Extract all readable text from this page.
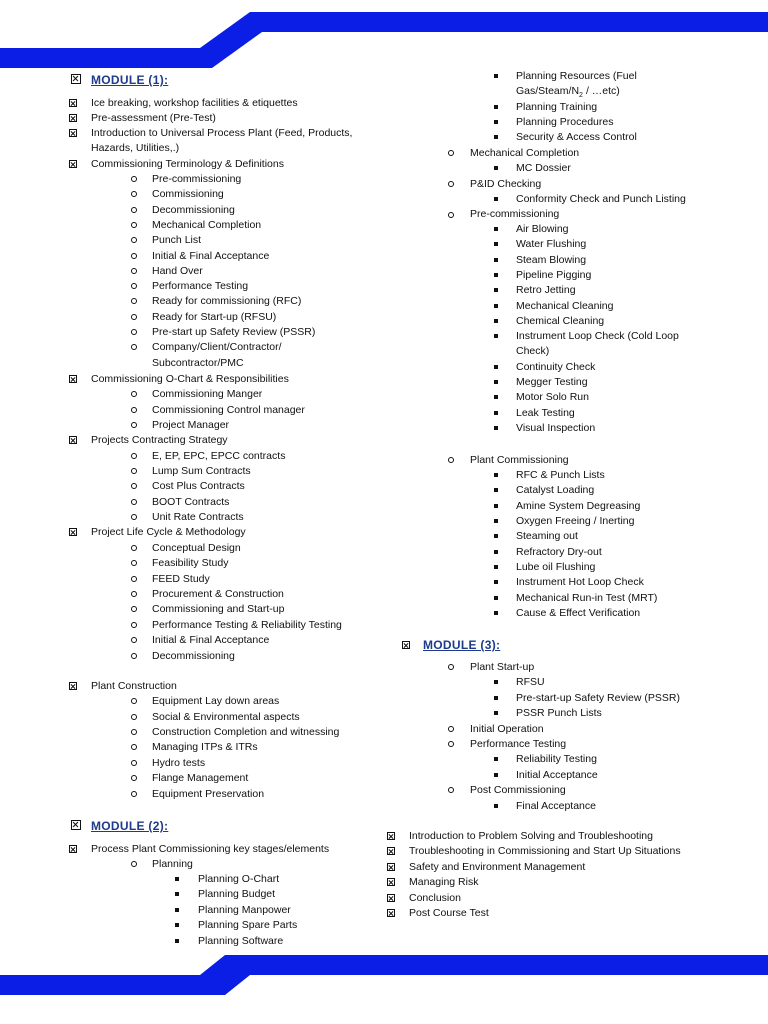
MODULE (1):
Ice breaking, workshop facilities & etiquettes
Pre-assessment (Pre-Test)
Introduction to Universal Process Plant (Feed, Products,
Hazards, Utilities,.)
Commissioning Terminology & Definitions
Pre-commissioning
Commissioning
Decommissioning
Mechanical Completion
Punch List
Initial & Final Acceptance
Hand Over
Performance Testing
Ready for commissioning (RFC)
Ready for Start-up (RFSU)
Pre-start up Safety Review (PSSR)
Company/Client/Contractor/
Subcontractor/PMC
Commissioning O-Chart & Responsibilities
Commissioning Manger
Commissioning Control manager
Project Manager
Projects Contracting Strategy
E, EP, EPC, EPCC contracts
Lump Sum Contracts
Cost Plus Contracts
BOOT Contracts
Unit Rate Contracts
Project Life Cycle & Methodology
Conceptual Design
Feasibility Study
FEED Study
Procurement & Construction
Commissioning and Start-up
Performance Testing & Reliability Testing
Initial & Final Acceptance
Decommissioning
Plant Construction
Equipment Lay down areas
Social & Environmental aspects
Construction Completion and witnessing
Managing ITPs & ITRs
Hydro tests
Flange Management
Equipment Preservation
MODULE (2):
Process Plant Commissioning key stages/elements
Planning
Planning O-Chart
Planning Budget
Planning Manpower
Planning Spare Parts
Planning Software
Planning Resources (Fuel
Gas/$Steam/N_2$ / …etc)
Planning Training
Planning Procedures
Security & Access Control
Mechanical Completion
MC Dossier
P&ID Checking
Conformity Check and Punch Listing
Pre-commissioning
Air Blowing
Water Flushing
Steam Blowing
Pipeline Pigging
Retro Jetting
Mechanical Cleaning
Chemical Cleaning
Instrument Loop Check (Cold Loop
Check)
Continuity Check
Megger Testing
Motor Solo Run
Leak Testing
Visual Inspection
Plant Commissioning
RFC & Punch Lists
Catalyst Loading
Amine System Degreasing
Oxygen Freeing / Inerting
Steaming out
Refractory Dry-out
Lube oil Flushing
Instrument Hot Loop Check
Mechanical Run-in Test (MRT)
Cause & Effect Verification
MODULE (3):
Plant Start-up
RFSU
Pre-start-up Safety Review (PSSR)
PSSR Punch Lists
Initial Operation
Performance Testing
Reliability Testing
Initial Acceptance
Post Commissioning
Final Acceptance
Introduction to Problem Solving and Troubleshooting
Troubleshooting in Commissioning and Start Up Situations
Safety and Environment Management
Managing Risk
Conclusion
Post Course Test
